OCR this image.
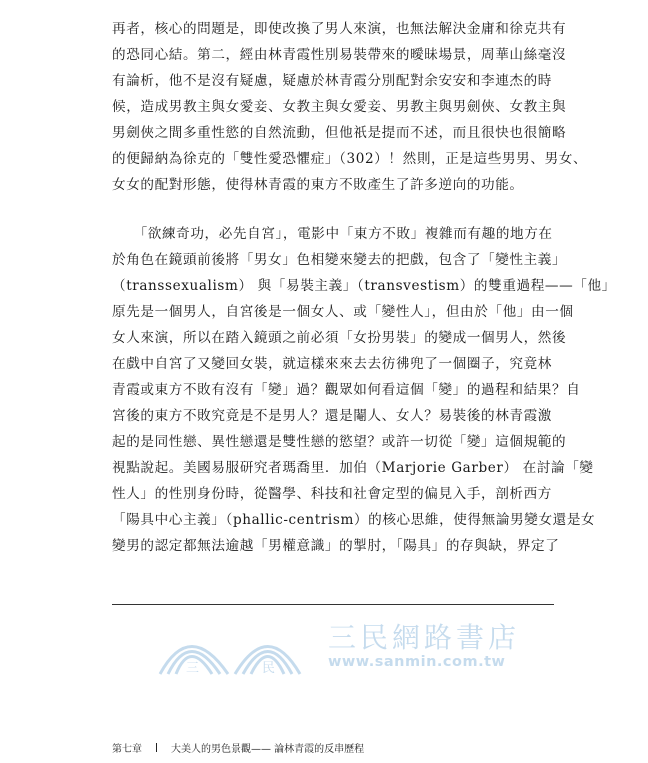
再者，核心的問題是，即使改換了男人來演，也無法解決金庸和徐克共有
的恐同心結。第二，經由林青霞性別易裝帶來的曖昧場景，周華山絲毫沒
有論析，他不是沒有疑慮，疑慮於林青霞分別配對余安安和李連杰的時
候，造成男教主與女愛妾、女教主與女愛妾、男教主與男劍俠、女教主與
男劍俠之間多重性慾的自然流動，但他祇是提而不述，而且很快也很簡略
的便歸納為徐克的「雙性愛恐懼症」（302）！然則，正是這些男男、男女、
女女的配對形態，使得林青霞的東方不敗產生了許多逆向的功能。
　　「欲練奇功，必先自宮」，電影中「東方不敗」複雜而有趣的地方在
於角色在鏡頭前後將「男女」色相變來變去的把戲，包含了「變性主義」
（transsexualism） 與「易裝主義」（transvestism）的雙重過程——「他」
原先是一個男人，自宮後是一個女人、或「變性人」，但由於「他」由一個
女人來演，所以在踏入鏡頭之前必須「女扮男裝」的變成一個男人，然後
在戲中自宮了又變回女裝，就這樣來來去去彷彿兜了一個圈子，究竟林
青霞或東方不敗有沒有「變」過？觀眾如何看這個「變」的過程和結果？自
宮後的東方不敗究竟是不是男人？還是閹人、女人？易裝後的林青霞激
起的是同性戀、異性戀還是雙性戀的慾望？或許一切從「變」這個規範的
視點說起。美國易服研究者瑪喬里．加伯（Marjorie Garber） 在討論「變
性人」的性別身份時，從醫學、科技和社會定型的偏見入手，剖析西方
「陽具中心主義」（phallic-centrism）的核心思維，使得無論男變女還是女
變男的認定都無法逾越「男權意識」的掣肘，「陽具」的存與缺，界定了
三	民
三民網路書店
www.sanmin.com.tw
第七章	大美人的男色景觀—— 論林青霞的反串歷程
